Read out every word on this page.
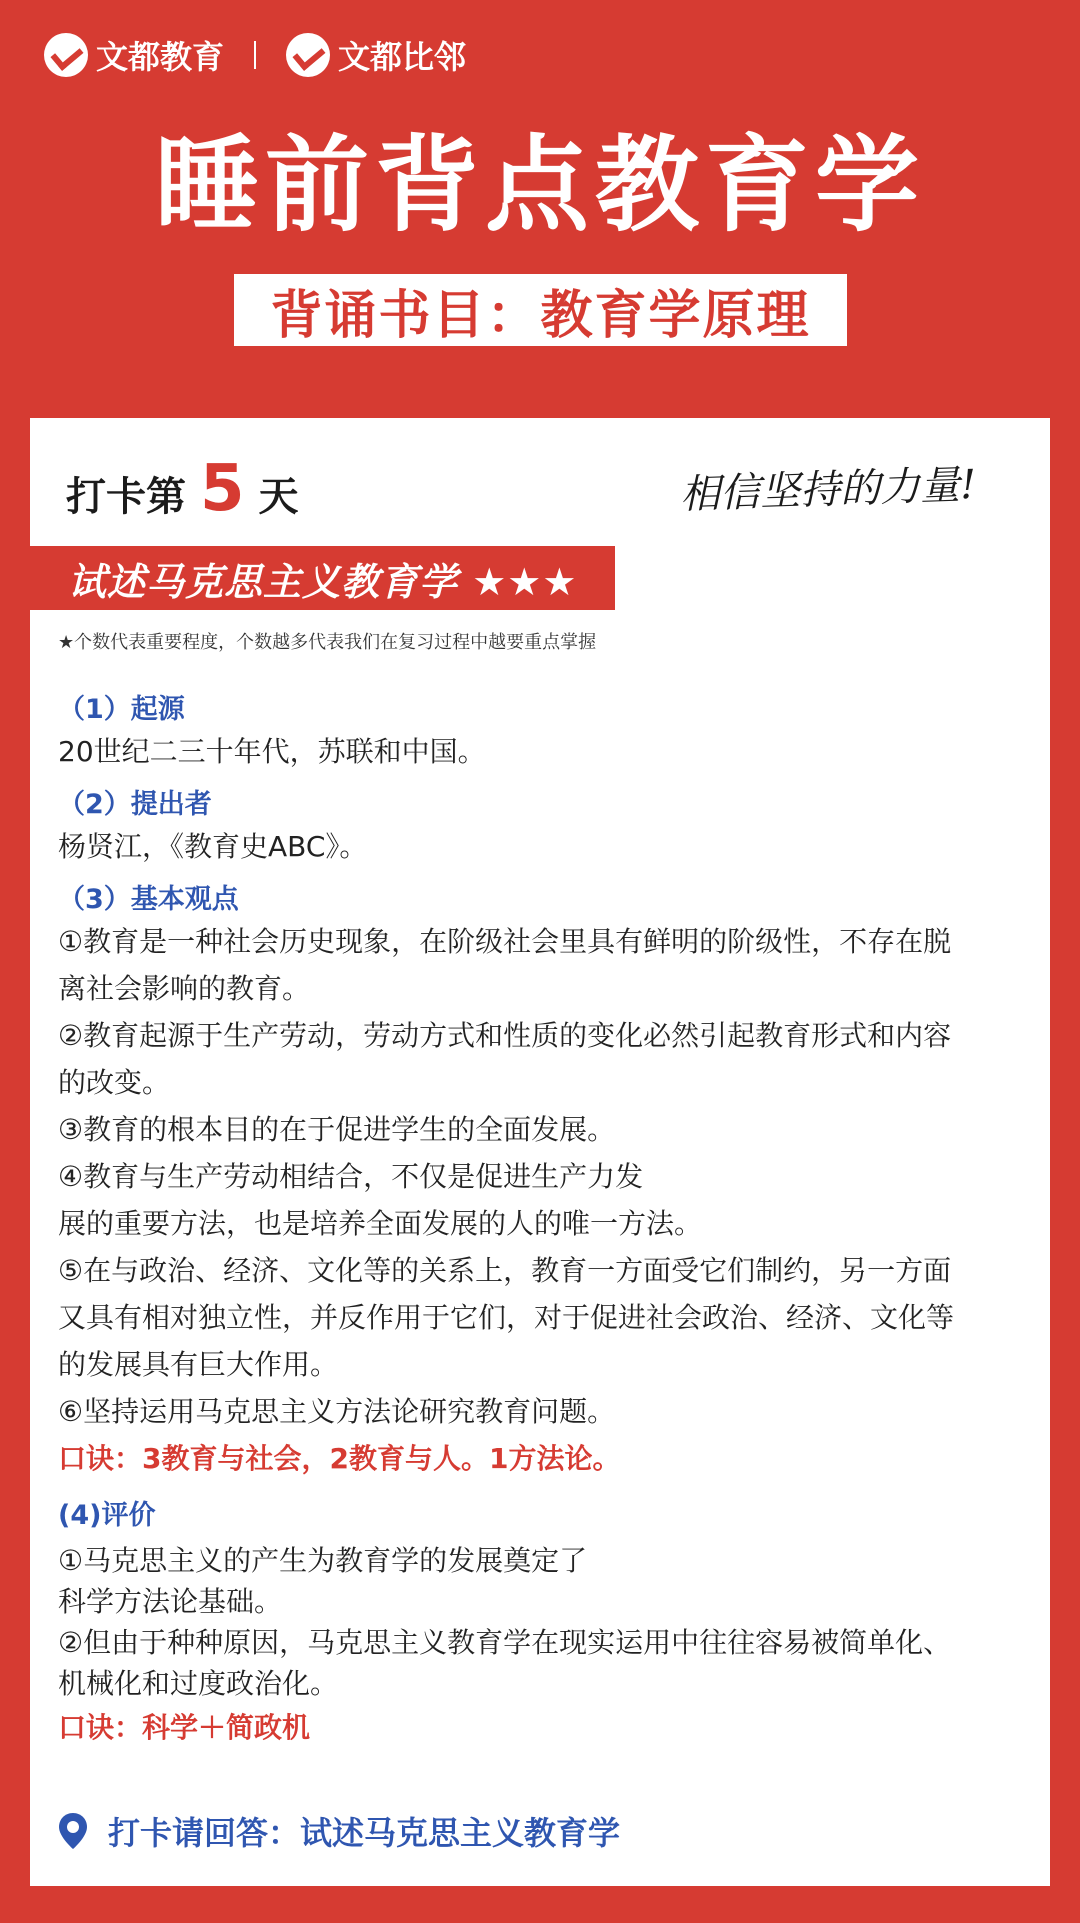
文都教育	文都比邻
睡前背点教育学
背诵书目：教育学原理
打卡第 5 天	相信坚持的力量!
试述马克思主义教育学 ★★★
★个数代表重要程度，个数越多代表我们在复习过程中越要重点掌握
（1）起源
20世纪二三十年代，苏联和中国。
（2）提出者
杨贤江，《教育史ABC》。
（3）基本观点
①教育是一种社会历史现象，在阶级社会里具有鲜明的阶级性，不存在脱
离社会影响的教育。
②教育起源于生产劳动，劳动方式和性质的变化必然引起教育形式和内容
的改变。
③教育的根本目的在于促进学生的全面发展。
④教育与生产劳动相结合，不仅是促进生产力发
展的重要方法，也是培养全面发展的人的唯一方法。
⑤在与政治、经济、文化等的关系上，教育一方面受它们制约，另一方面
又具有相对独立性，并反作用于它们，对于促进社会政治、经济、文化等
的发展具有巨大作用。
⑥坚持运用马克思主义方法论研究教育问题。
口诀：3教育与社会，2教育与人。1方法论。
(4)评价
①马克思主义的产生为教育学的发展奠定了
科学方法论基础。
②但由于种种原因，马克思主义教育学在现实运用中往往容易被简单化、
机械化和过度政治化。
口诀：科学＋简政机
打卡请回答：试述马克思主义教育学
